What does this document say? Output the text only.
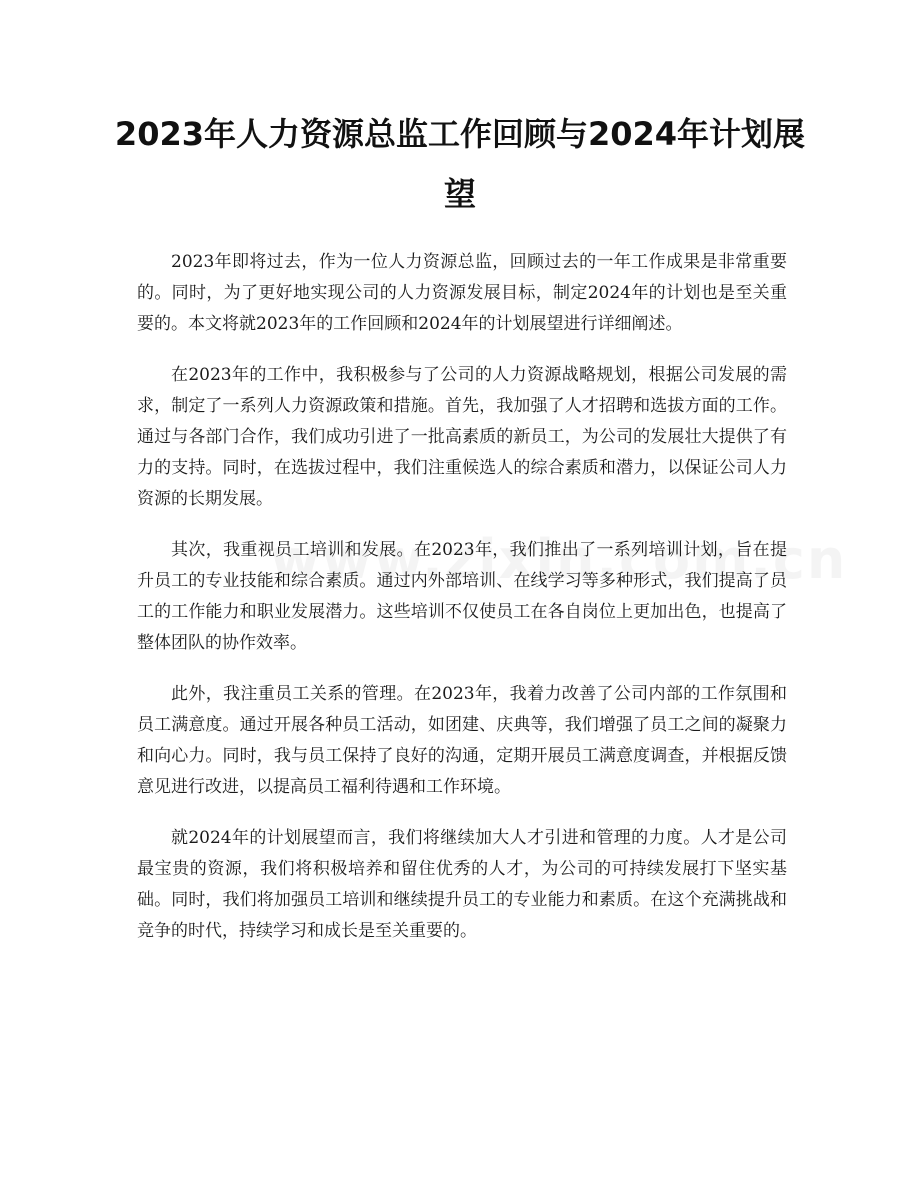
2023年人力资源总监工作回顾与2024年计划展望

2023年即将过去，作为一位人力资源总监，回顾过去的一年工作成果是非常重要的。同时，为了更好地实现公司的人力资源发展目标，制定2024年的计划也是至关重要的。本文将就2023年的工作回顾和2024年的计划展望进行详细阐述。

在2023年的工作中，我积极参与了公司的人力资源战略规划，根据公司发展的需求，制定了一系列人力资源政策和措施。首先，我加强了人才招聘和选拔方面的工作。通过与各部门合作，我们成功引进了一批高素质的新员工，为公司的发展壮大提供了有力的支持。同时，在选拔过程中，我们注重候选人的综合素质和潜力，以保证公司人力资源的长期发展。

其次，我重视员工培训和发展。在2023年，我们推出了一系列培训计划，旨在提升员工的专业技能和综合素质。通过内外部培训、在线学习等多种形式，我们提高了员工的工作能力和职业发展潜力。这些培训不仅使员工在各自岗位上更加出色，也提高了整体团队的协作效率。

此外，我注重员工关系的管理。在2023年，我着力改善了公司内部的工作氛围和员工满意度。通过开展各种员工活动，如团建、庆典等，我们增强了员工之间的凝聚力和向心力。同时，我与员工保持了良好的沟通，定期开展员工满意度调查，并根据反馈意见进行改进，以提高员工福利待遇和工作环境。

就2024年的计划展望而言，我们将继续加大人才引进和管理的力度。人才是公司最宝贵的资源，我们将积极培养和留住优秀的人才，为公司的可持续发展打下坚实基础。同时，我们将加强员工培训和继续提升员工的专业能力和素质。在这个充满挑战和竞争的时代，持续学习和成长是至关重要的。
